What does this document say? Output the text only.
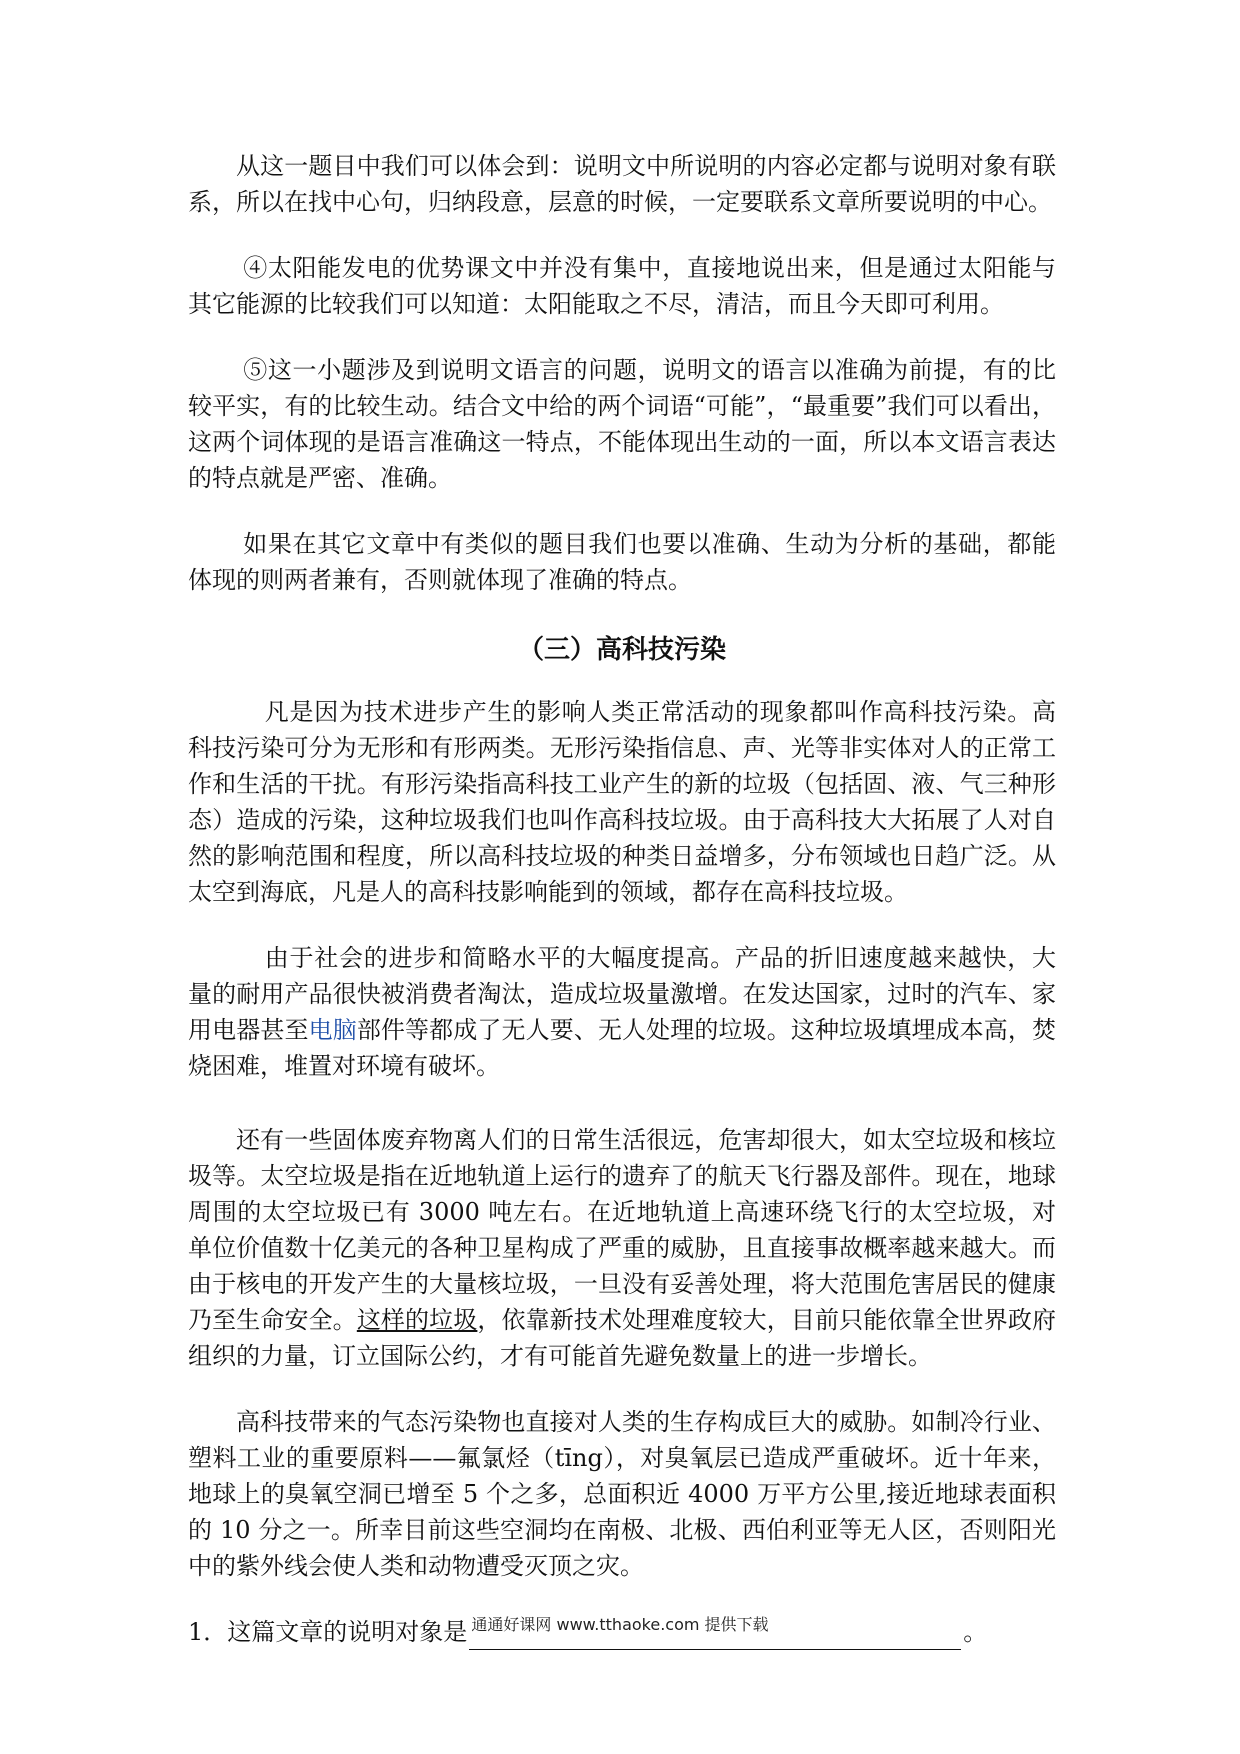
从这一题目中我们可以体会到：说明文中所说明的内容必定都与说明对象有联系，所以在找中心句，归纳段意，层意的时候，一定要联系文章所要说明的中心。

④太阳能发电的优势课文中并没有集中，直接地说出来，但是通过太阳能与其它能源的比较我们可以知道：太阳能取之不尽，清洁，而且今天即可利用。

⑤这一小题涉及到说明文语言的问题，说明文的语言以准确为前提，有的比较平实，有的比较生动。结合文中给的两个词语“可能”，“最重要”我们可以看出，这两个词体现的是语言准确这一特点，不能体现出生动的一面，所以本文语言表达的特点就是严密、准确。

如果在其它文章中有类似的题目我们也要以准确、生动为分析的基础，都能体现的则两者兼有，否则就体现了准确的特点。

（三）高科技污染

凡是因为技术进步产生的影响人类正常活动的现象都叫作高科技污染。高科技污染可分为无形和有形两类。无形污染指信息、声、光等非实体对人的正常工作和生活的干扰。有形污染指高科技工业产生的新的垃圾（包括固、液、气三种形态）造成的污染，这种垃圾我们也叫作高科技垃圾。由于高科技大大拓展了人对自然的影响范围和程度，所以高科技垃圾的种类日益增多，分布领域也日趋广泛。从太空到海底，凡是人的高科技影响能到的领域，都存在高科技垃圾。

由于社会的进步和简略水平的大幅度提高。产品的折旧速度越来越快，大量的耐用产品很快被消费者淘汰，造成垃圾量激增。在发达国家，过时的汽车、家用电器甚至电脑部件等都成了无人要、无人处理的垃圾。这种垃圾填埋成本高，焚烧困难，堆置对环境有破坏。

还有一些固体废弃物离人们的日常生活很远，危害却很大，如太空垃圾和核垃圾等。太空垃圾是指在近地轨道上运行的遗弃了的航天飞行器及部件。现在，地球周围的太空垃圾已有 3000 吨左右。在近地轨道上高速环绕飞行的太空垃圾，对单位价值数十亿美元的各种卫星构成了严重的威胁，且直接事故概率越来越大。而由于核电的开发产生的大量核垃圾，一旦没有妥善处理，将大范围危害居民的健康乃至生命安全。这样的垃圾，依靠新技术处理难度较大，目前只能依靠全世界政府组织的力量，订立国际公约，才有可能首先避免数量上的进一步增长。

高科技带来的气态污染物也直接对人类的生存构成巨大的威胁。如制冷行业、塑料工业的重要原料——氟氯烃（tīng），对臭氧层已造成严重破坏。近十年来，地球上的臭氧空洞已增至 5 个之多，总面积近 4000 万平方公里,接近地球表面积的 10 分之一。所幸目前这些空洞均在南极、北极、西伯利亚等无人区，否则阳光中的紫外线会使人类和动物遭受灭顶之灾。

1．这篇文章的说明对象是	。
通通好课网 www.tthaoke.com 提供下载
